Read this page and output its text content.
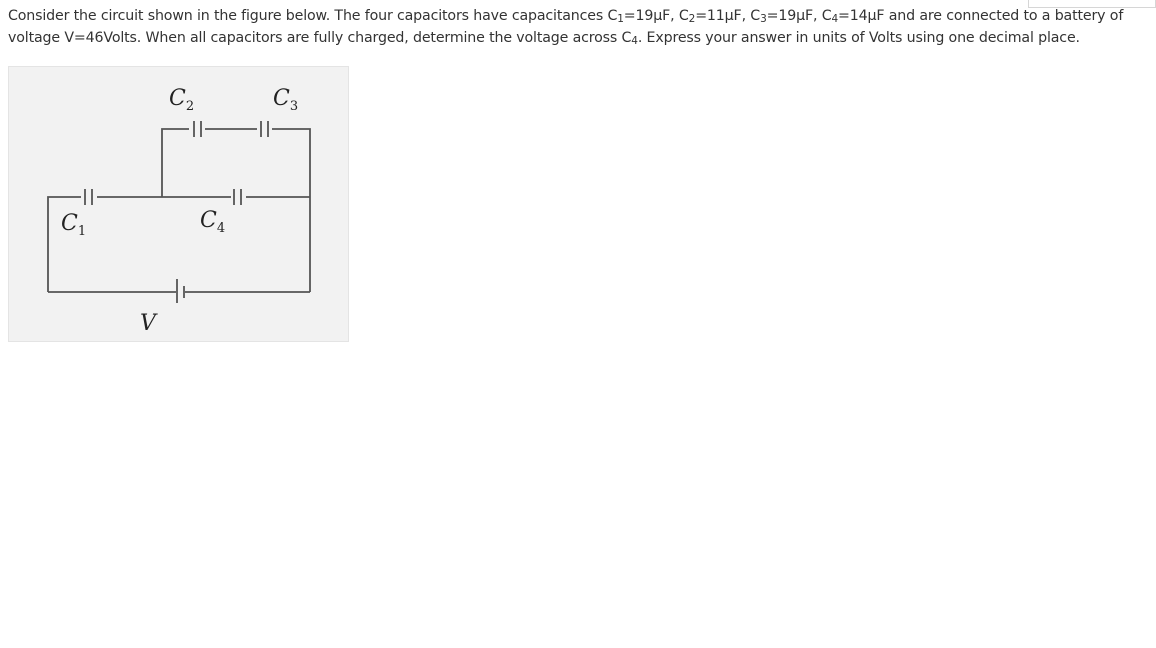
Consider the circuit shown in the figure below. The four capacitors have capacitances $C_1=19\mu F$, $C_2=11\mu F$, $C_3=19\mu F$, $C_4=14\mu F$ and are connected to a battery of
voltage V=46Volts. When all capacitors are fully charged, determine the voltage across $C_4$. Express your answer in units of Volts using one decimal place.
$C_2$	$C_3$
$C_1$	$C_4$
V
